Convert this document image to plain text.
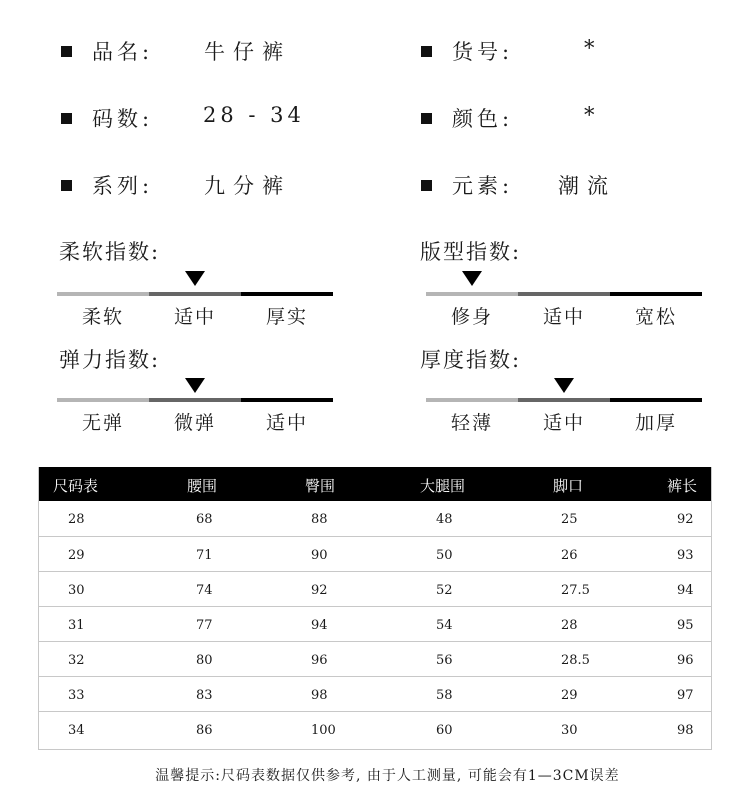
品名: 牛仔裤	货号:	*
码数: 28 - 34	颜色:	*
系列: 九分裤	元素: 潮流
柔软指数:
柔软	适中	厚实
版型指数:
修身	适中	宽松
弹力指数:
无弹	微弹	适中
厚度指数:
轻薄	适中	加厚
尺码表	腰围	臀围	大腿围	脚口	裤长
28	68	88	48	25	92
29	71	90	50	26	93
30	74	92	52	27.5	94
31	77	94	54	28	95
32	80	96	56	28.5	96
33	83	98	58	29	97
34	86	100	60	30	98
温馨提示:尺码表数据仅供参考, 由于人工测量, 可能会有1—3CM误差
